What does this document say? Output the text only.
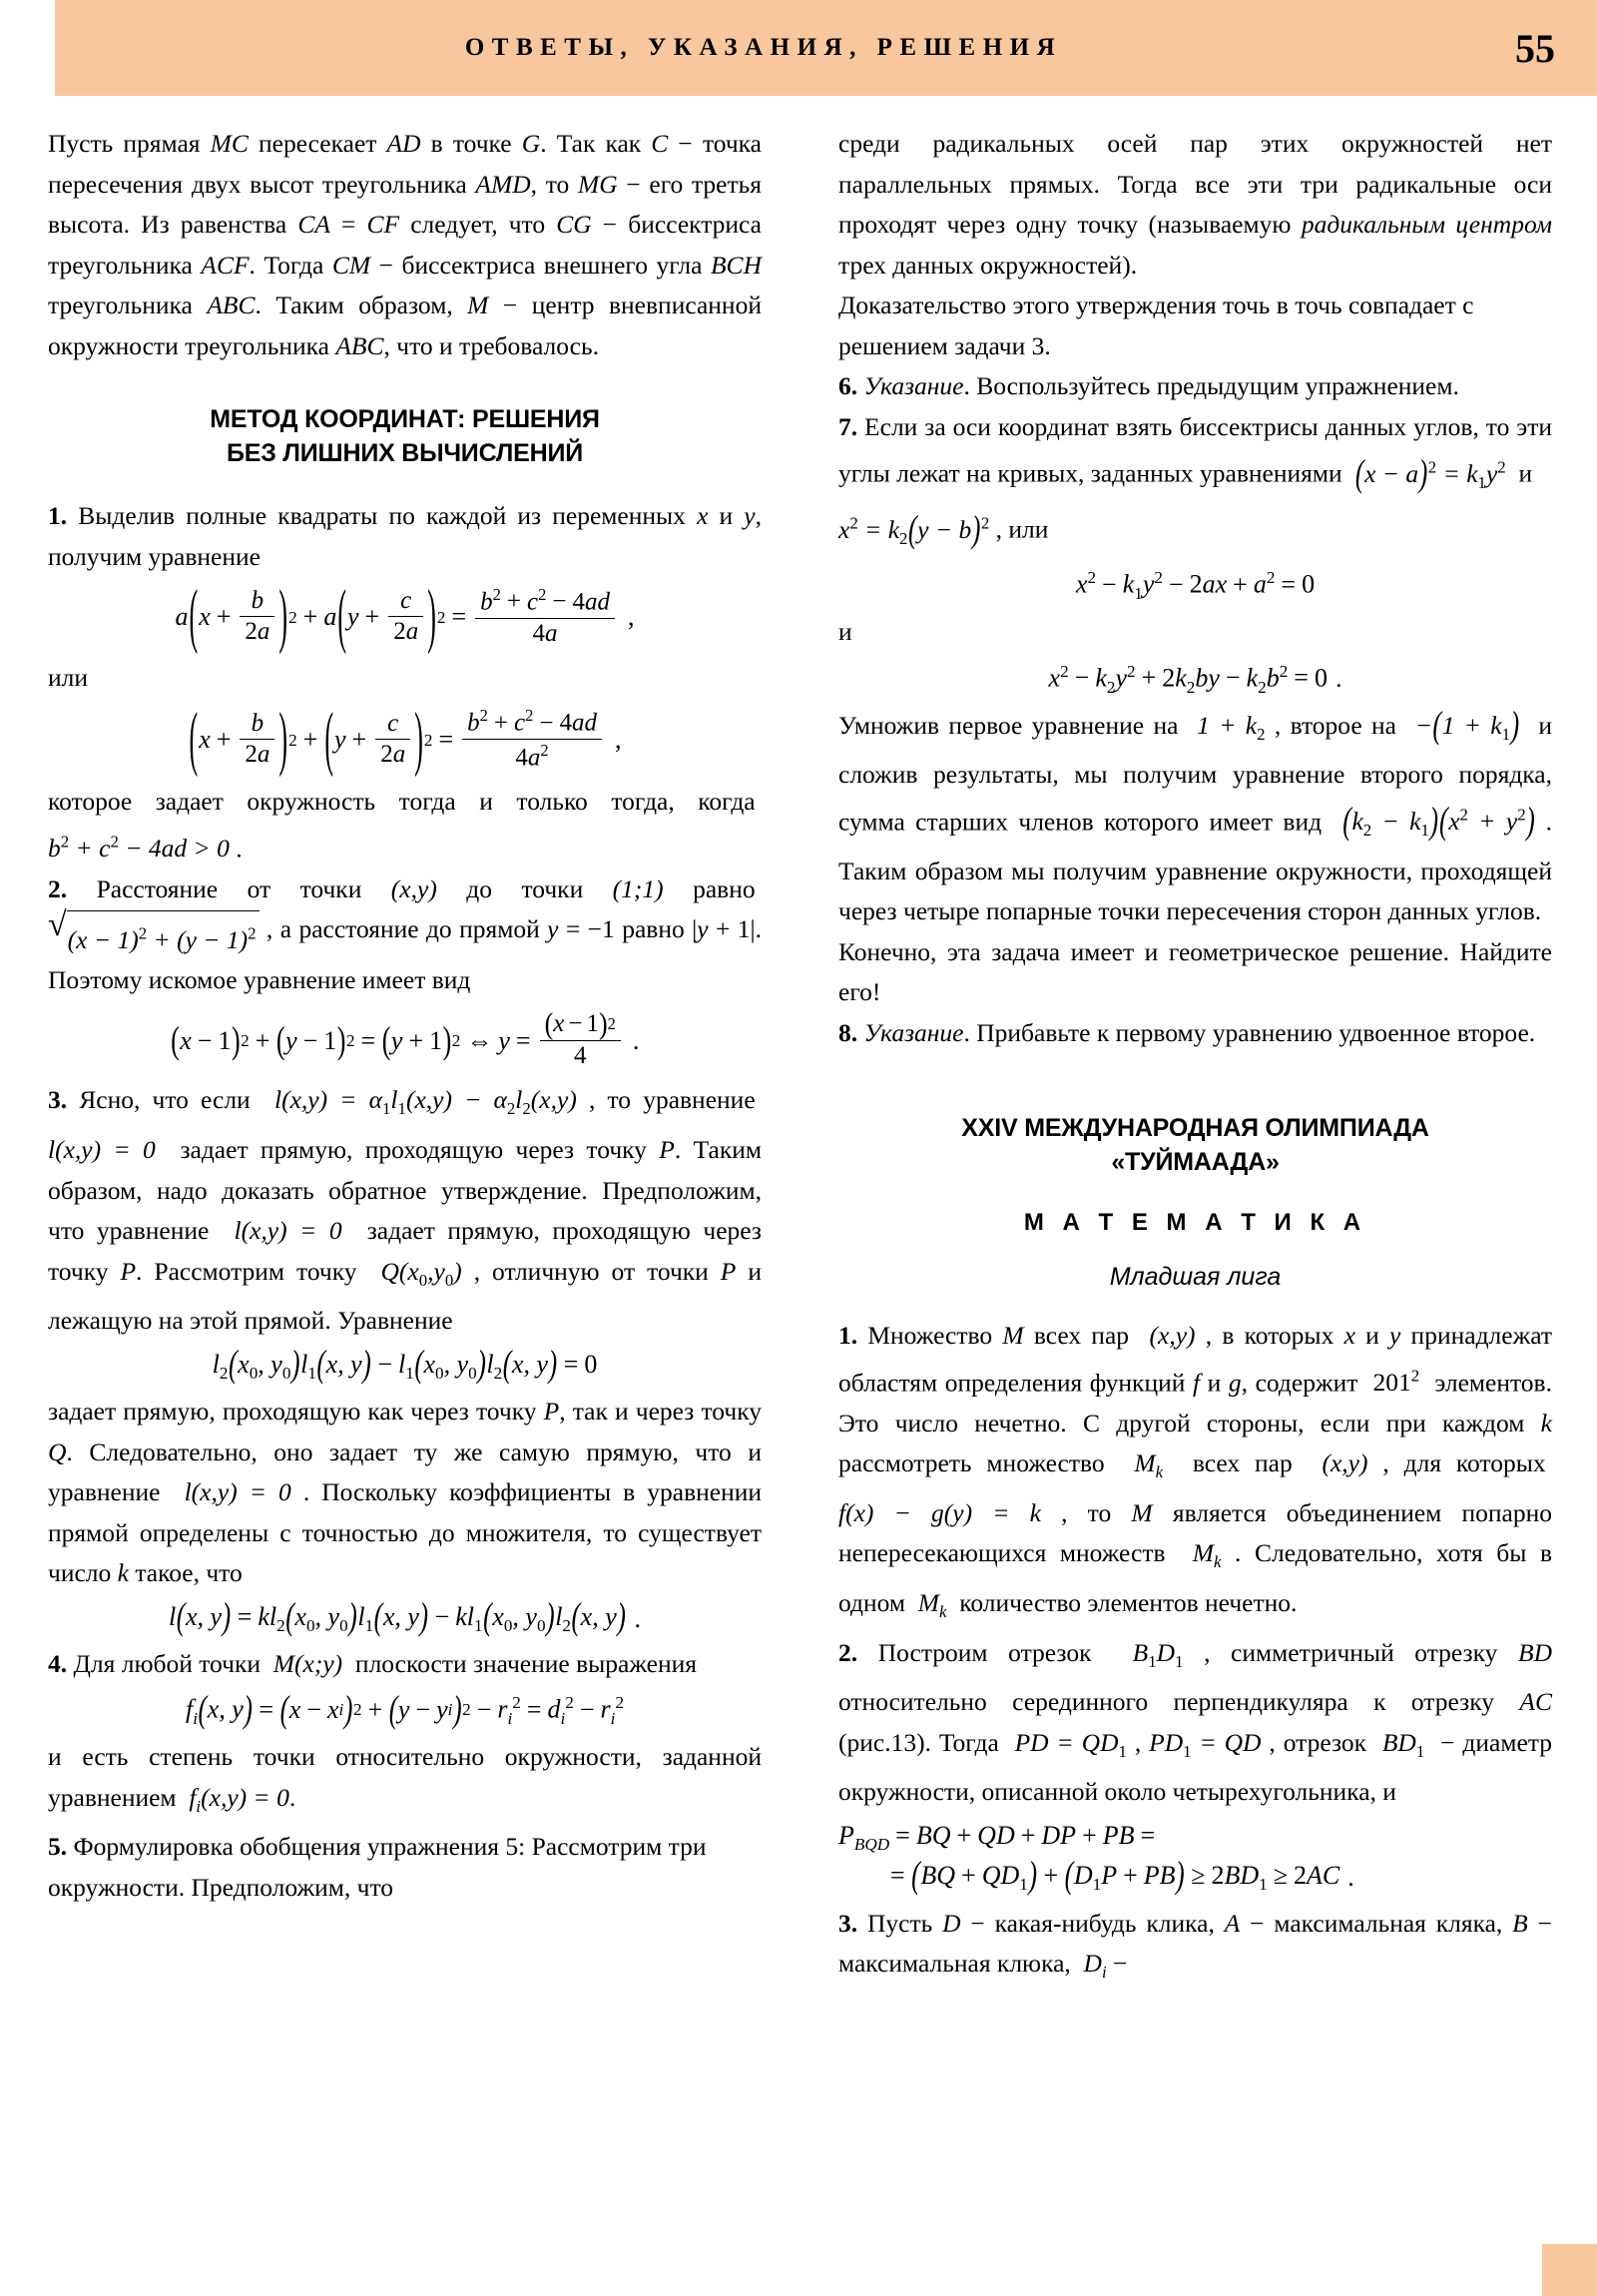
ОТВЕТЫ, УКАЗАНИЯ, РЕШЕНИЯ	55

Пусть прямая MC пересекает AD в точке G. Так как C − точка пересечения двух высот треугольника AMD, то MG − его третья высота. Из равенства CA = CF следует, что CG − биссектриса треугольника ACF. Тогда CM − биссектриса внешнего угла BCH треугольника ABC. Таким образом, M − центр вневписанной окружности треугольника ABC, что и требовалось.

МЕТОД КООРДИНАТ: РЕШЕНИЯ
БЕЗ ЛИШНИХ ВЫЧИСЛЕНИЙ

1. Выделив полные квадраты по каждой из переменных x и y, получим уравнение

a ( $x + \frac{b}{2a}$ ) 2 + a ( $y + \frac{c}{2a}$ ) $2 = \frac{b^2 + c^2 - 4ad}{4a}$ ,

или

( $x + \frac{b}{2a}$ ) 2 + ( $y + \frac{c}{2a}$ ) $2 = \frac{b^2 + c^2 - 4ad}{4a^2}$ ,

которое задает окружность тогда и только тогда, когда  $b^2 + c^2 - 4ad > 0$ .

2. Расстояние от точки (x,y) до точки (1;1) равно
√ $(x - 1)^2 + (y - 1)^2$ , а расстояние до прямой y = −1 равно |y + 1|. Поэтому искомое уравнение имеет вид

( x − 1 ) 2 + ( y − 1 ) 2 = ( y + 1 ) 2 ⇔ $y = \frac{( x - 1 ) 2}{4}$ .

3. Ясно, что если  $l(x,y) = \alpha_1l_1(x,y) - \alpha_2l_2(x,y)$ , то уравнение  l(x,y) = 0  задает прямую, проходящую через точку P. Таким образом, надо доказать обратное утверждение. Предположим, что уравнение  l(x,y) = 0  задает прямую, проходящую через точку P. Рассмотрим точку  $Q(x_0,y_0)$ , отличную от точки P и лежащую на этой прямой. Уравнение

$l_2(x_0$, $y_0)l_1(x$, $y) - l_1(x_0$, $y_0)l_2(x$, y) = 0

задает прямую, проходящую как через точку P, так и через точку Q. Следовательно, оно задает ту же самую прямую, что и уравнение  l(x,y) = 0 . Поскольку коэффициенты в уравнении прямой определены с точностью до множителя, то существует число k такое, что

l(x, $y) = kl_2(x_0$, $y_0)l_1(x$, $y) - kl_1(x_0$, $y_0)l_2(x$, y) .

4. Для любой точки  M(x;y)  плоскости значение выражения

$f_i(x$, y) = ( x − x i ) 2 + ( y − y i ) $2 - r_i^2 = d_i^2 - r_i^2$

и есть степень точки относительно окружности, заданной уравнением  $f_i(x,y) = 0$.

5. Формулировка обобщения упражнения 5: Рассмотрим три окружности. Предположим, что

среди радикальных осей пар этих окружностей нет параллельных прямых. Тогда все эти три радикальные оси проходят через одну точку (называемую радикальным центром трех данных окружностей).

Доказательство этого утверждения точь в точь совпадает с решением задачи 3.

6. Указание. Воспользуйтесь предыдущим упражнением.

7. Если за оси координат взять биссектрисы данных углов, то эти углы лежат на кривых, заданных уравнениями  $(x - a)^2 = k_1y^2$  и

$x^2 = k_2(y - b)^2$ , или

$x^2 - k_1y^2 - 2ax + a^2 = 0$

и

$x^2 - k_2y^2 + 2k_2by - k_2b^2 = 0$ .

Умножив первое уравнение на  $1 + k_2$ , второе на  $-(1 + k_1)$  и сложив результаты, мы получим уравнение второго порядка, сумма старших членов которого имеет вид  $(k_2 - k_1)(x^2 + y^2)$ . Таким образом мы получим уравнение окружности, проходящей через четыре попарные точки пересечения сторон данных углов.

Конечно, эта задача имеет и геометрическое решение. Найдите его!

8. Указание. Прибавьте к первому уравнению удвоенное второе.

XXIV МЕЖДУНАРОДНАЯ ОЛИМПИАДА
«ТУЙМААДА»
М А Т Е М А Т И К А
Младшая лига

1. Множество M всех пар  (x,y) , в которых x и y принадлежат областям определения функций f и g, содержит  $201^2$  элементов. Это число нечетно. С другой стороны, если при каждом k рассмотреть множество  $M_k$  всех пар  (x,y) , для которых  f(x) − g(y) = k , то M является объединением попарно непересекающихся множеств  $M_k$ . Следовательно, хотя бы в одном  $M_k$  количество элементов нечетно.

2. Построим отрезок  $B_1D_1$ , симметричный отрезку BD относительно серединного перпендикуляра к отрезку AC (рис.13). Тогда  PD = $QD_1$ , $PD_1$ = QD , отрезок  $BD_1$  − диаметр окружности, описанной около четырехугольника, и

$P_{BQD}$ = BQ + QD + DP + PB =
= $(BQ + QD_1) + (D_1P + PB) \ge 2BD_1 \ge 2AC$ .

3. Пусть D − какая-нибудь клика, A − максимальная кляка, B − максимальная клюка,  $D_i$ −
